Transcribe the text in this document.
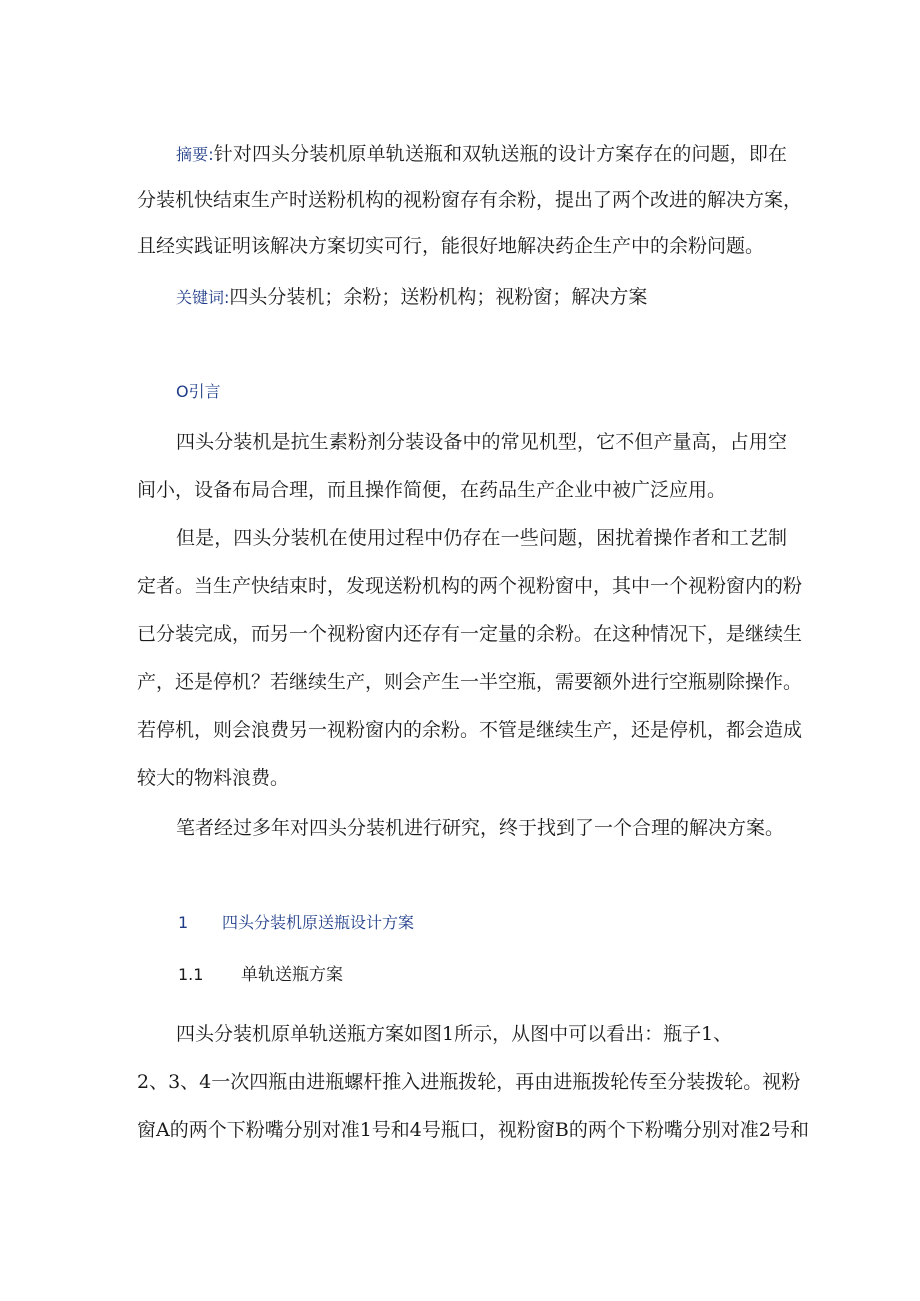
摘要:针对四头分装机原单轨送瓶和双轨送瓶的设计方案存在的问题，即在
分装机快结束生产时送粉机构的视粉窗存有余粉，提出了两个改进的解决方案，
且经实践证明该解决方案切实可行，能很好地解决药企生产中的余粉问题。
关键词:四头分装机；余粉；送粉机构；视粉窗；解决方案
O引言
四头分装机是抗生素粉剂分装设备中的常见机型，它不但产量高，占用空
间小，设备布局合理，而且操作简便，在药品生产企业中被广泛应用。
但是，四头分装机在使用过程中仍存在一些问题，困扰着操作者和工艺制
定者。当生产快结束时，发现送粉机构的两个视粉窗中，其中一个视粉窗内的粉
已分装完成，而另一个视粉窗内还存有一定量的余粉。在这种情况下，是继续生
产，还是停机？若继续生产，则会产生一半空瓶，需要额外进行空瓶剔除操作。
若停机，则会浪费另一视粉窗内的余粉。不管是继续生产，还是停机，都会造成
较大的物料浪费。
笔者经过多年对四头分装机进行研究，终于找到了一个合理的解决方案。
1 四头分装机原送瓶设计方案
1.1 单轨送瓶方案
四头分装机原单轨送瓶方案如图1所示，从图中可以看出：瓶子1、
2、3、4一次四瓶由进瓶螺杆推入进瓶拨轮，再由进瓶拨轮传至分装拨轮。视粉
窗A的两个下粉嘴分别对准1号和4号瓶口，视粉窗B的两个下粉嘴分别对准2号和
